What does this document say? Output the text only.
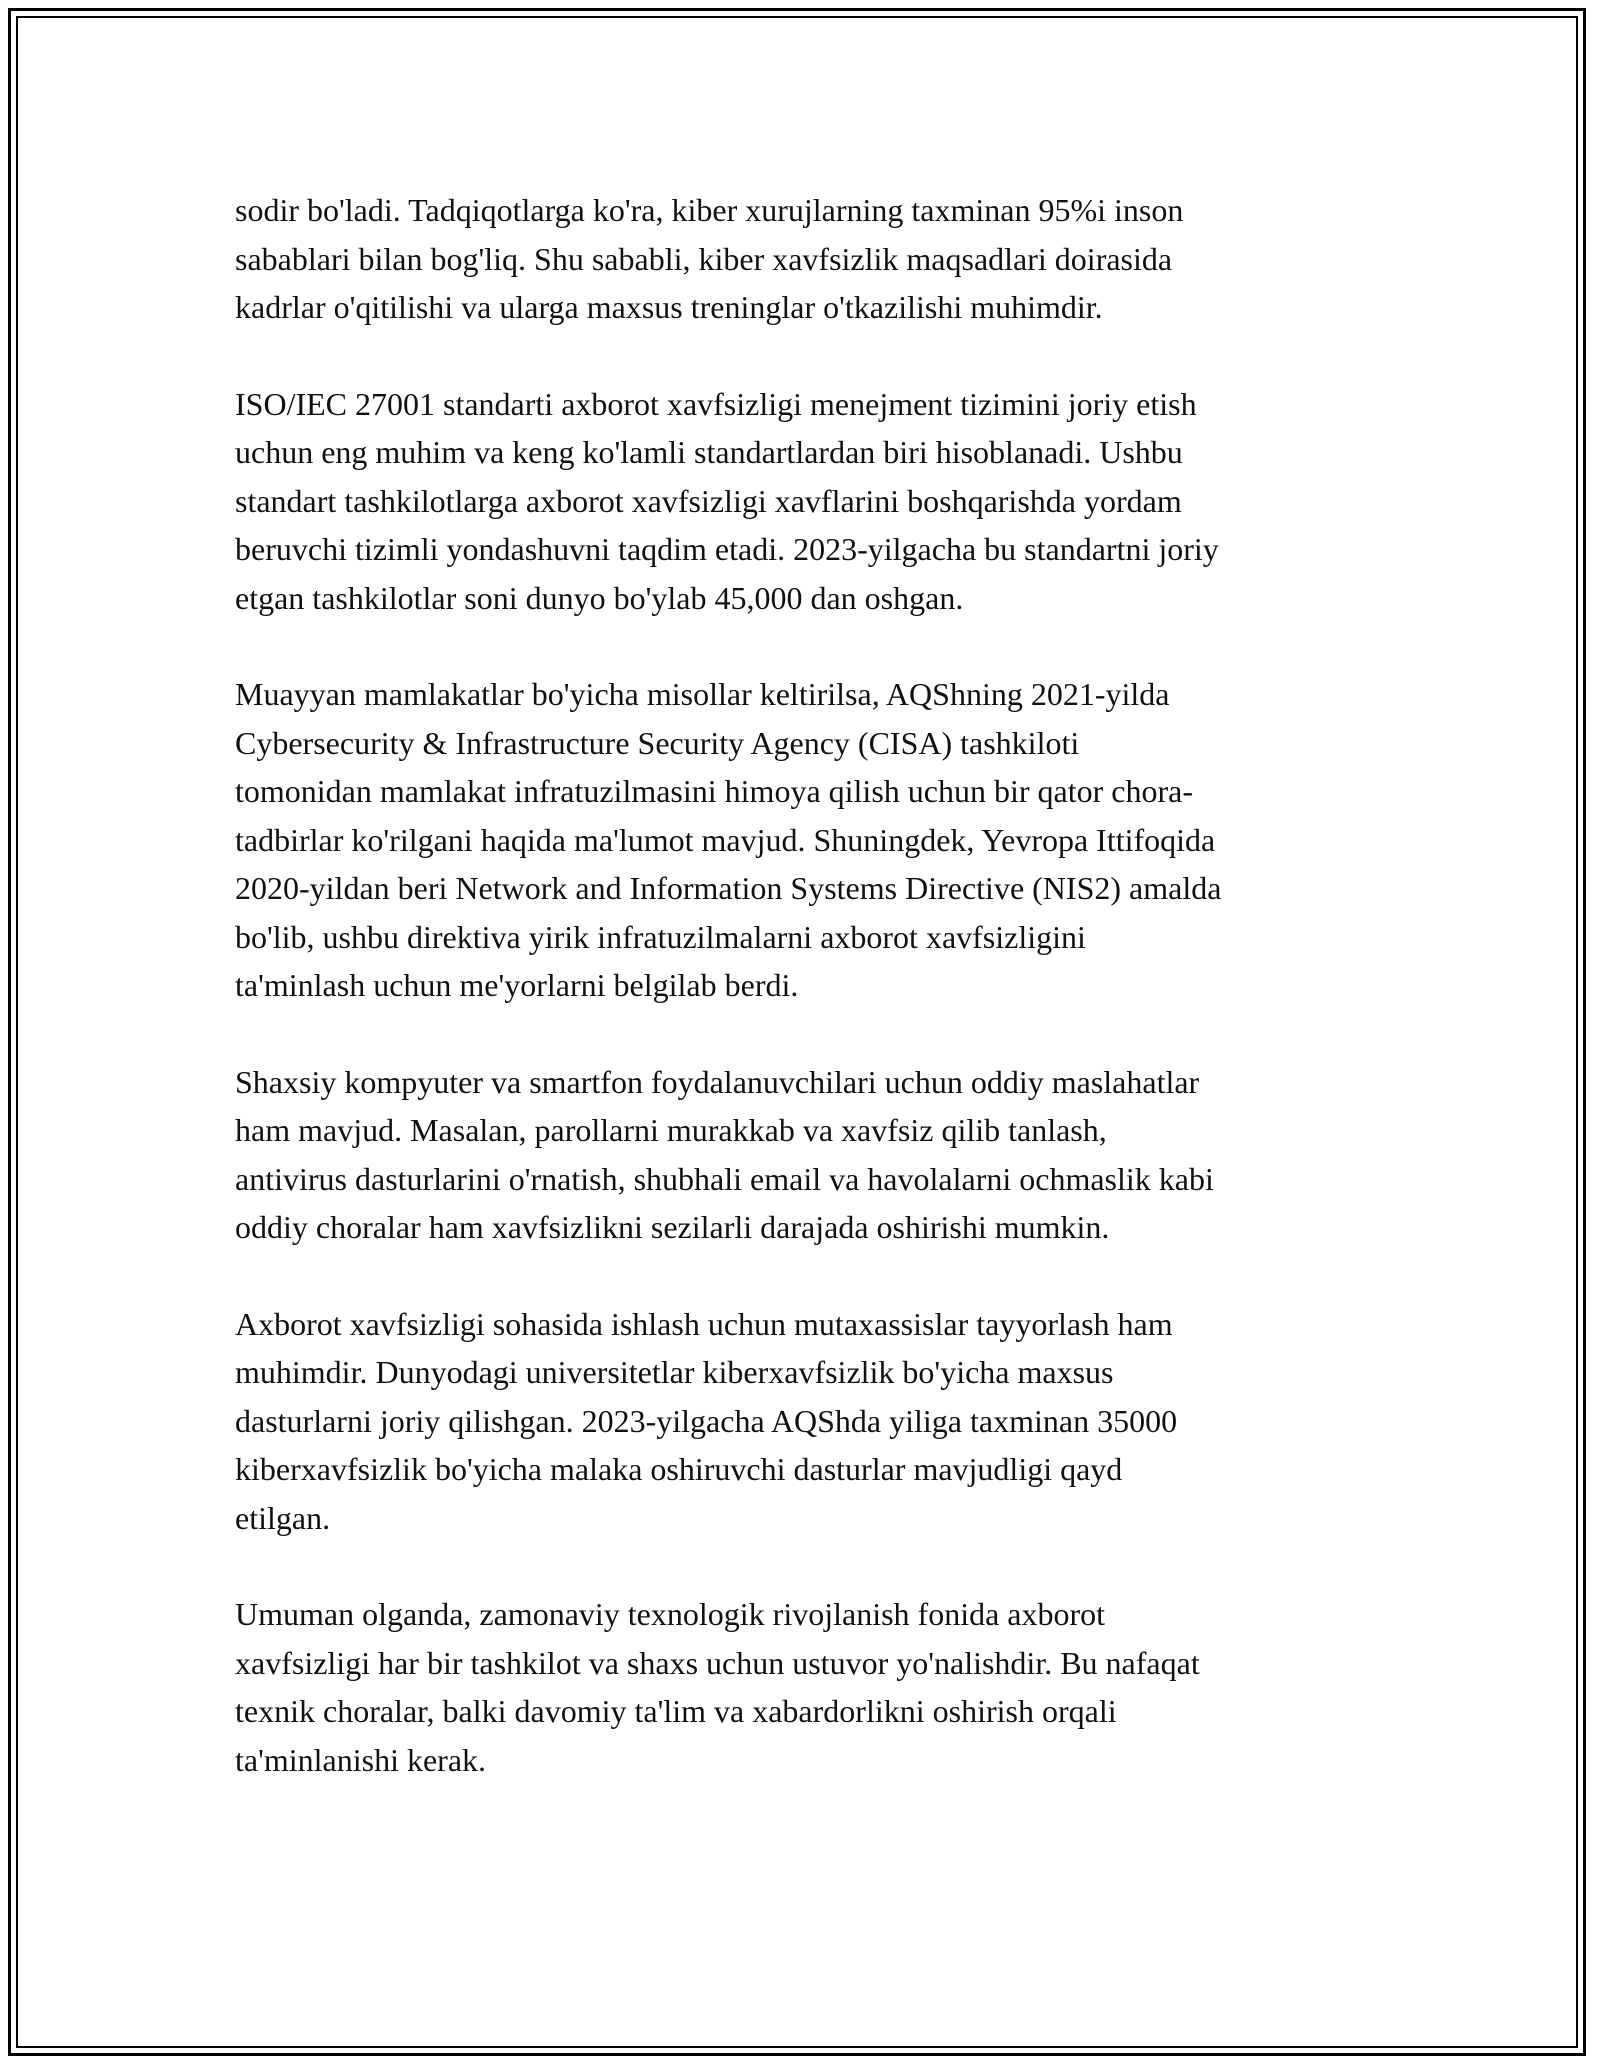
sodir bo'ladi. Tadqiqotlarga ko'ra, kiber xurujlarning taxminan 95%i inson
sabablari bilan bog'liq. Shu sababli, kiber xavfsizlik maqsadlari doirasida
kadrlar o'qitilishi va ularga maxsus treninglar o'tkazilishi muhimdir.

ISO/IEC 27001 standarti axborot xavfsizligi menejment tizimini joriy etish
uchun eng muhim va keng ko'lamli standartlardan biri hisoblanadi. Ushbu
standart tashkilotlarga axborot xavfsizligi xavflarini boshqarishda yordam
beruvchi tizimli yondashuvni taqdim etadi. 2023-yilgacha bu standartni joriy
etgan tashkilotlar soni dunyo bo'ylab 45,000 dan oshgan.

Muayyan mamlakatlar bo'yicha misollar keltirilsa, AQShning 2021-yilda
Cybersecurity & Infrastructure Security Agency (CISA) tashkiloti
tomonidan mamlakat infratuzilmasini himoya qilish uchun bir qator chora-
tadbirlar ko'rilgani haqida ma'lumot mavjud. Shuningdek, Yevropa Ittifoqida
2020-yildan beri Network and Information Systems Directive (NIS2) amalda
bo'lib, ushbu direktiva yirik infratuzilmalarni axborot xavfsizligini
ta'minlash uchun me'yorlarni belgilab berdi.

Shaxsiy kompyuter va smartfon foydalanuvchilari uchun oddiy maslahatlar
ham mavjud. Masalan, parollarni murakkab va xavfsiz qilib tanlash,
antivirus dasturlarini o'rnatish, shubhali email va havolalarni ochmaslik kabi
oddiy choralar ham xavfsizlikni sezilarli darajada oshirishi mumkin.

Axborot xavfsizligi sohasida ishlash uchun mutaxassislar tayyorlash ham
muhimdir. Dunyodagi universitetlar kiberxavfsizlik bo'yicha maxsus
dasturlarni joriy qilishgan. 2023-yilgacha AQShda yiliga taxminan 35000
kiberxavfsizlik bo'yicha malaka oshiruvchi dasturlar mavjudligi qayd
etilgan.

Umuman olganda, zamonaviy texnologik rivojlanish fonida axborot
xavfsizligi har bir tashkilot va shaxs uchun ustuvor yo'nalishdir. Bu nafaqat
texnik choralar, balki davomiy ta'lim va xabardorlikni oshirish orqali
ta'minlanishi kerak.
